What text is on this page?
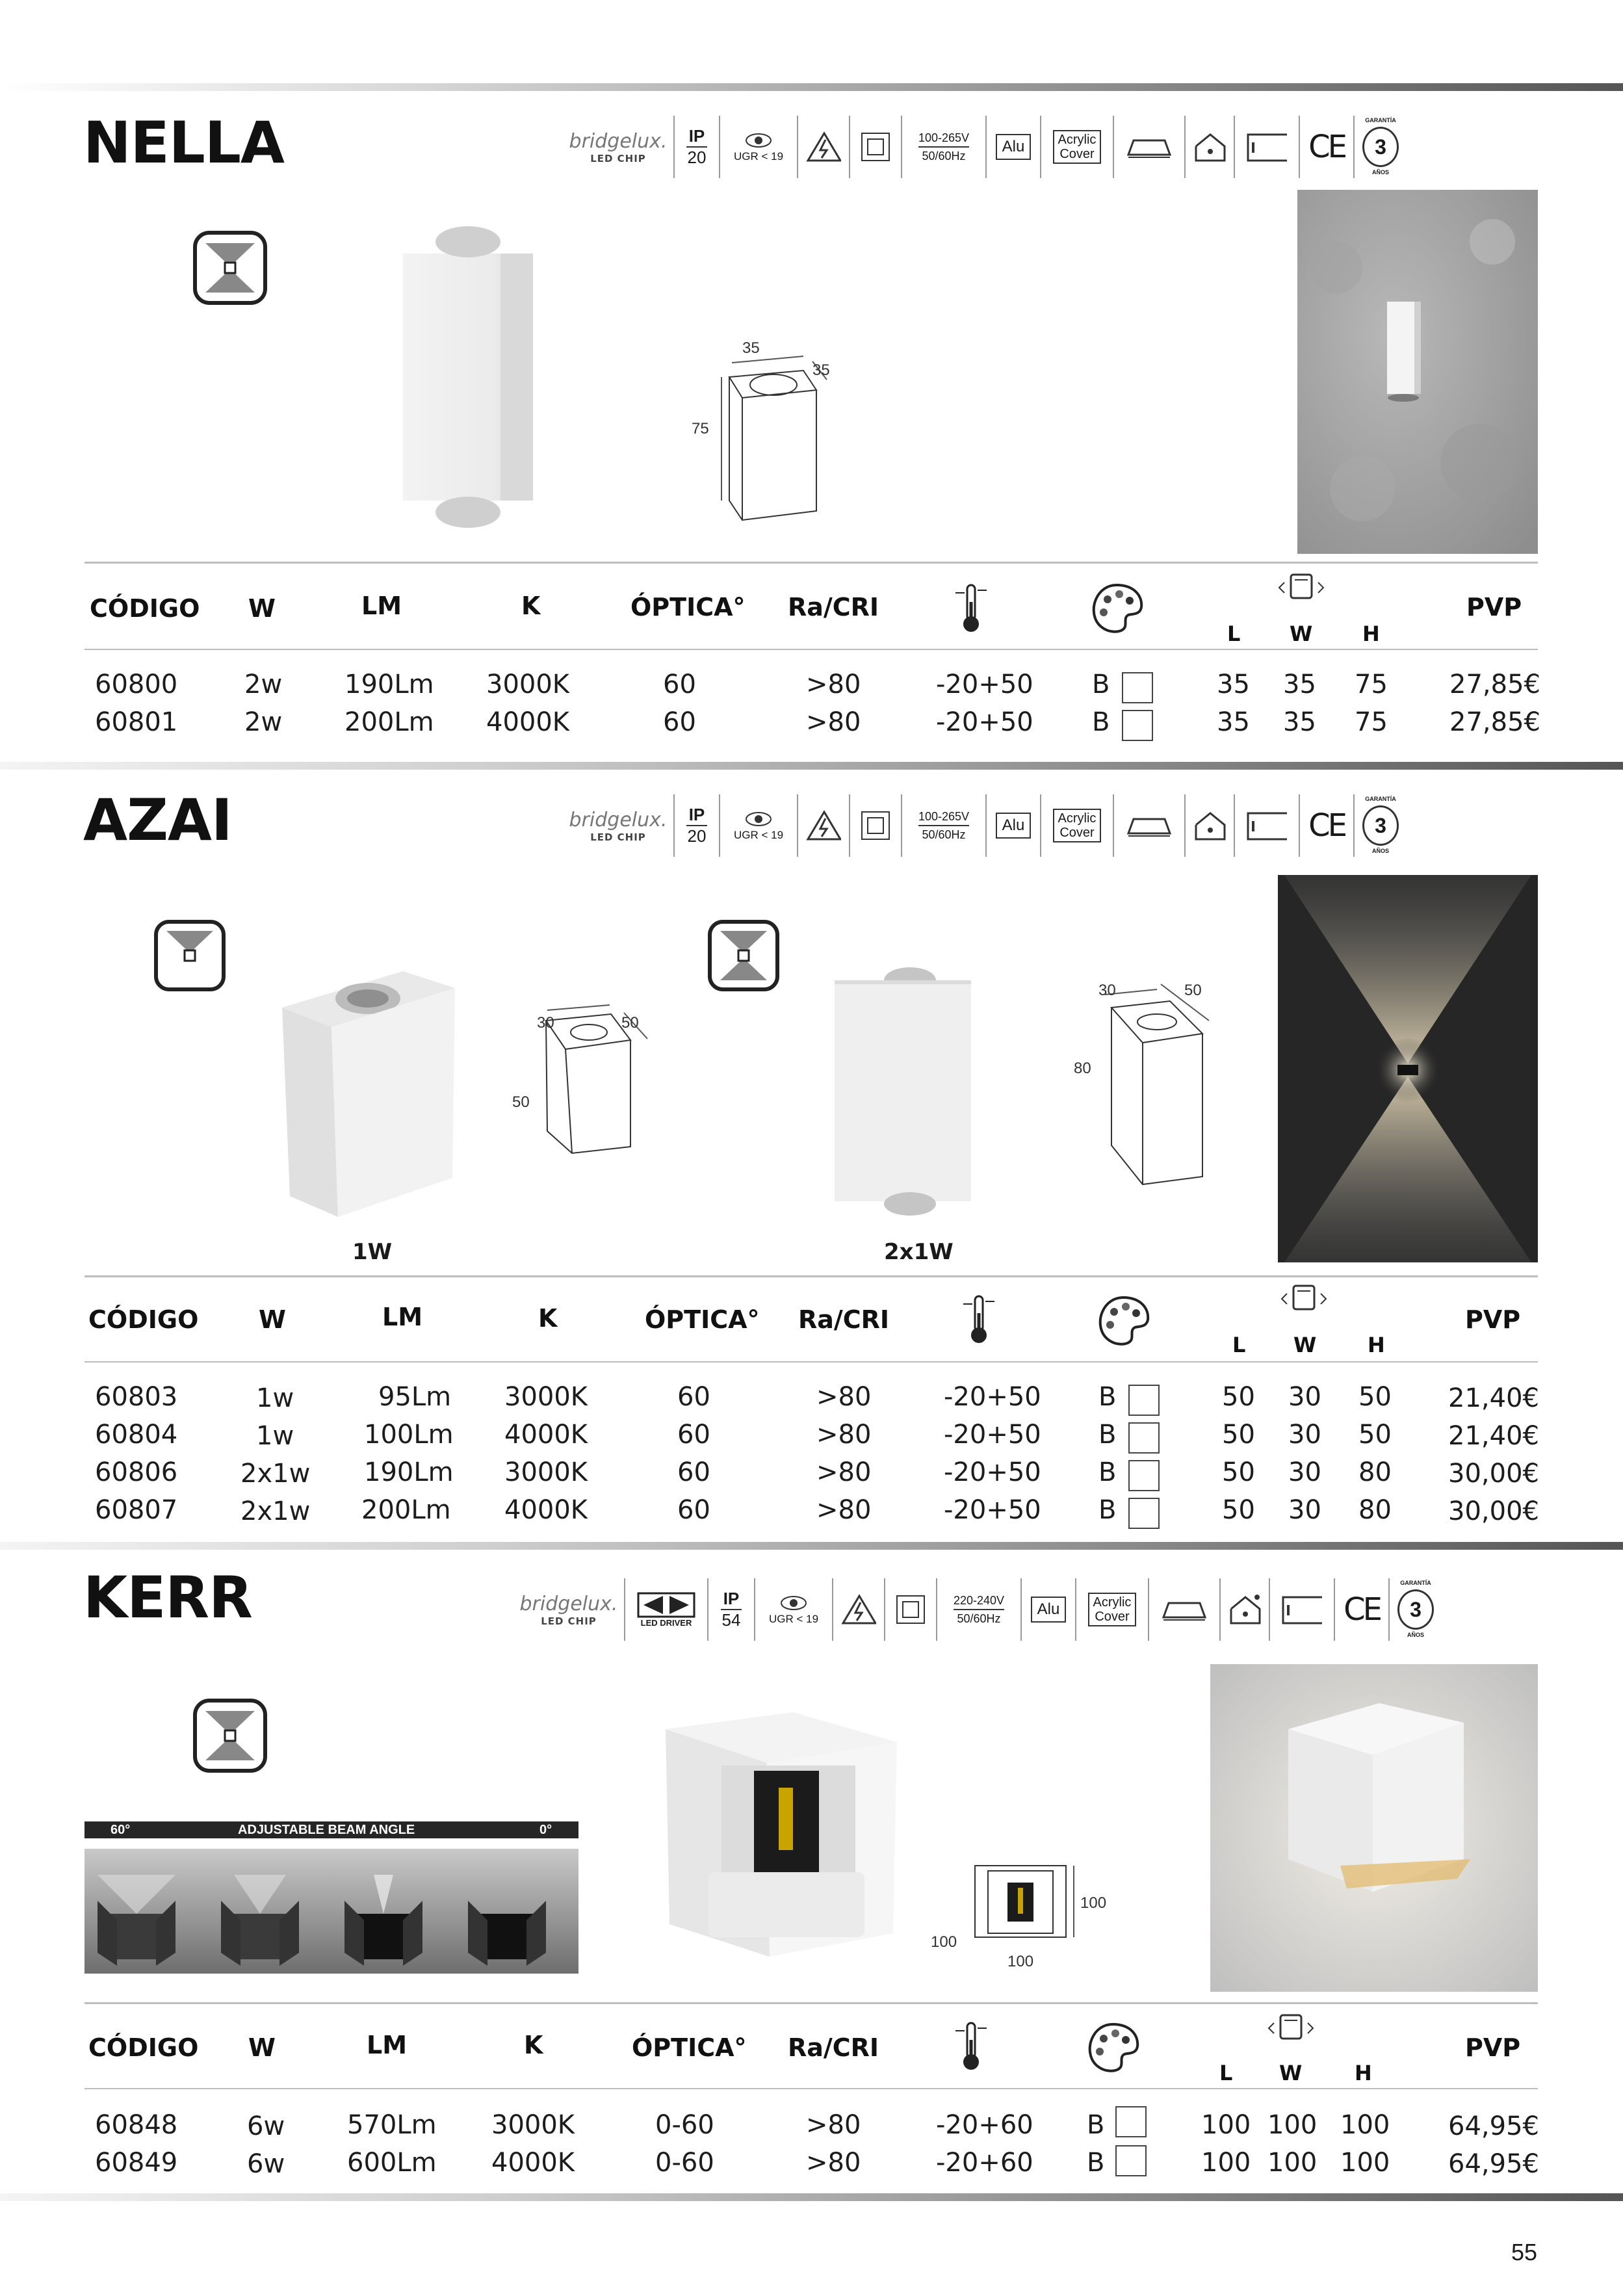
NELLA	bridgelux.
LED CHIP
IP
20	UGR < 19
100-265V
50/60Hz
Alu	Acrylic
Cover	CE
GARANTÍA
3
AÑOS
35
35
75
CÓDIGO W	LM	K	ÓPTICA° Ra/CRI
L W H
PVP
60800	2w 190Lm 3000K	60	>80	-20+50 B	35 35 75 27,85€
60801	2w 200Lm 4000K	60	>80	-20+50 B	35 35 75 27,85€
AZAI	bridgelux.
LED CHIP
IP
20	UGR < 19
100-265V
50/60Hz
Alu	Acrylic
Cover	CE
GARANTÍA
3
AÑOS
30	50
50
1W
30	50
80
2x1W
CÓDIGO W	LM	K	ÓPTICA° Ra/CRI
L W H
PVP
60803	1w	95Lm 3000K	60	>80	-20+50 B	50 30 50 21,40€
60804	1w	100Lm 4000K	60	>80	-20+50 B	50 30 50 21,40€
60806 2x1w 190Lm 3000K	60	>80	-20+50 B	50 30 80 30,00€
60807 2x1w 200Lm 4000K	60	>80	-20+50 B	50 30 80 30,00€
KERR	bridgelux.
LED CHIP	LED DRIVER
IP
54	UGR < 19
220-240V
50/60Hz
Alu	Acrylic
Cover	CE
GARANTÍA
3
AÑOS
60°	ADJUSTABLE BEAM ANGLE	0°
100
100
100
CÓDIGO W	LM	K	ÓPTICA° Ra/CRI
L W	H
PVP
60848	6w 570Lm 3000K	0-60	>80	-20+60 B	100 100 100 64,95€
60849	6w 600Lm 4000K	0-60	>80	-20+60 B	100 100 100 64,95€
55
